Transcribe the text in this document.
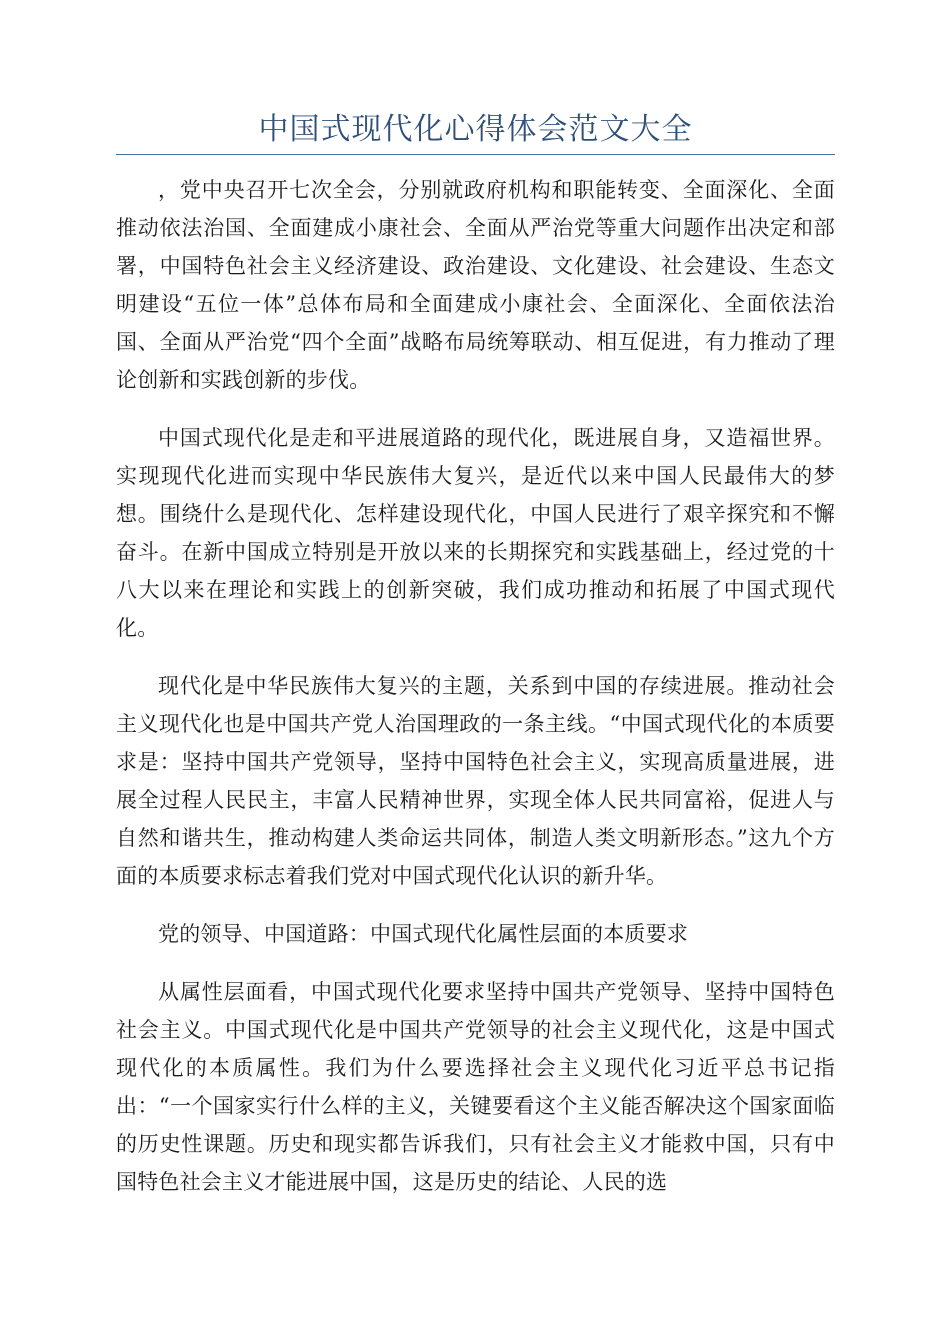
中国式现代化心得体会范文大全

，党中央召开七次全会，分别就政府机构和职能转变、全面深化、全面推动依法治国、全面建成小康社会、全面从严治党等重大问题作出决定和部署，中国特色社会主义经济建设、政治建设、文化建设、社会建设、生态文明建设“五位一体”总体布局和全面建成小康社会、全面深化、全面依法治国、全面从严治党“四个全面”战略布局统筹联动、相互促进，有力推动了理论创新和实践创新的步伐。

中国式现代化是走和平进展道路的现代化，既进展自身，又造福世界。实现现代化进而实现中华民族伟大复兴，是近代以来中国人民最伟大的梦想。围绕什么是现代化、怎样建设现代化，中国人民进行了艰辛探究和不懈奋斗。在新中国成立特别是开放以来的长期探究和实践基础上，经过党的十八大以来在理论和实践上的创新突破，我们成功推动和拓展了中国式现代化。

现代化是中华民族伟大复兴的主题，关系到中国的存续进展。推动社会主义现代化也是中国共产党人治国理政的一条主线。“中国式现代化的本质要求是：坚持中国共产党领导，坚持中国特色社会主义，实现高质量进展，进展全过程人民民主，丰富人民精神世界，实现全体人民共同富裕，促进人与自然和谐共生，推动构建人类命运共同体，制造人类文明新形态。”这九个方面的本质要求标志着我们党对中国式现代化认识的新升华。

党的领导、中国道路：中国式现代化属性层面的本质要求

从属性层面看，中国式现代化要求坚持中国共产党领导、坚持中国特色社会主义。中国式现代化是中国共产党领导的社会主义现代化，这是中国式现代化的本质属性。我们为什么要选择社会主义现代化习近平总书记指出：“一个国家实行什么样的主义，关键要看这个主义能否解决这个国家面临的历史性课题。历史和现实都告诉我们，只有社会主义才能救中国，只有中国特色社会主义才能进展中国，这是历史的结论、人民的选
